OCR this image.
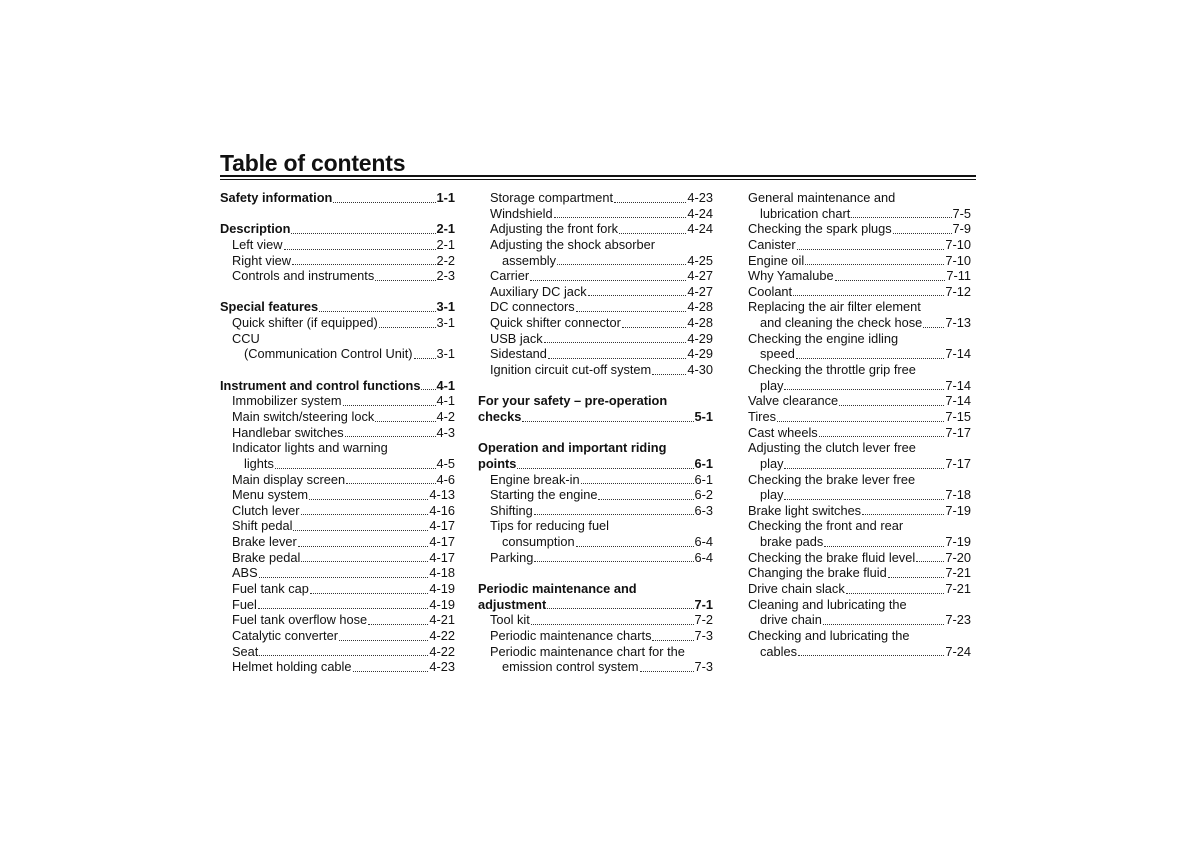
Table of contents
Safety information	1-1
Description	2-1
Left view	2-1
Right view	2-2
Controls and instruments	2-3
Special features	3-1
Quick shifter (if equipped)	3-1
CCU
(Communication Control Unit) 3-1
Instrument and control functions 4-1
Immobilizer system	4-1
Main switch/steering lock	4-2
Handlebar switches	4-3
Indicator lights and warning
lights	4-5
Main display screen	4-6
Menu system	4-13
Clutch lever	4-16
Shift pedal	4-17
Brake lever	4-17
Brake pedal	4-17
ABS	4-18
Fuel tank cap	4-19
Fuel	4-19
Fuel tank overflow hose	4-21
Catalytic converter	4-22
Seat	4-22
Helmet holding cable	4-23
Storage compartment	4-23
Windshield	4-24
Adjusting the front fork	4-24
Adjusting the shock absorber
assembly	4-25
Carrier	4-27
Auxiliary DC jack	4-27
DC connectors	4-28
Quick shifter connector	4-28
USB jack	4-29
Sidestand	4-29
Ignition circuit cut-off system	4-30
For your safety – pre-operation
checks	5-1
Operation and important riding
points	6-1
Engine break-in	6-1
Starting the engine	6-2
Shifting	6-3
Tips for reducing fuel
consumption	6-4
Parking	6-4
Periodic maintenance and
adjustment	7-1
Tool kit	7-2
Periodic maintenance charts	7-3
Periodic maintenance chart for the
emission control system	7-3
General maintenance and
lubrication chart	7-5
Checking the spark plugs	7-9
Canister	7-10
Engine oil	7-10
Why Yamalube	7-11
Coolant	7-12
Replacing the air filter element
and cleaning the check hose 7-13
Checking the engine idling
speed	7-14
Checking the throttle grip free
play	7-14
Valve clearance	7-14
Tires	7-15
Cast wheels	7-17
Adjusting the clutch lever free
play	7-17
Checking the brake lever free
play	7-18
Brake light switches	7-19
Checking the front and rear
brake pads	7-19
Checking the brake fluid level 7-20
Changing the brake fluid	7-21
Drive chain slack	7-21
Cleaning and lubricating the
drive chain	7-23
Checking and lubricating the
cables	7-24
